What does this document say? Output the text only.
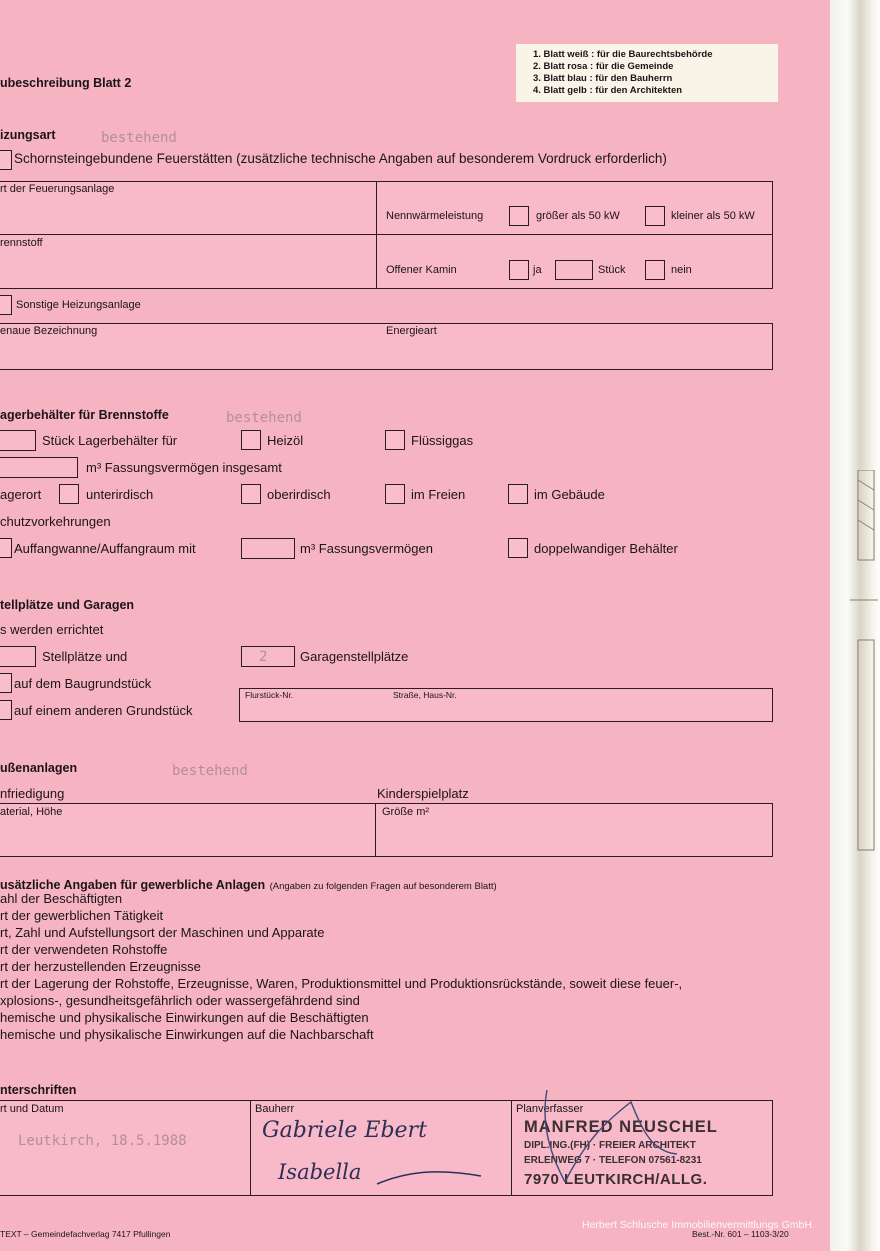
ubeschreibung Blatt 2
1. Blatt weiß : für die Baurechtsbehörde
2. Blatt rosa : für die Gemeinde
3. Blatt blau : für den Bauherrn
4. Blatt gelb : für den Architekten
izungsart	bestehend
Schornsteingebundene Feuerstätten (zusätzliche technische Angaben auf besonderem Vordruck erforderlich)
rt der Feuerungsanlage
Nennwärmeleistung	größer als 50 kW	kleiner als 50 kW
rennstoff
Offener Kamin	ja	Stück	nein
Sonstige Heizungsanlage
enaue Bezeichnung	Energieart
agerbehälter für Brennstoffe	bestehend
Stück Lagerbehälter für	Heizöl	Flüssiggas
m³ Fassungsvermögen insgesamt
agerort	unterirdisch	oberirdisch	im Freien	im Gebäude
chutzvorkehrungen
Auffangwanne/Auffangraum mit	m³ Fassungsvermögen	doppelwandiger Behälter
tellplätze und Garagen
s werden errichtet
Stellplätze und	2	Garagenstellplätze
auf dem Baugrundstück
auf einem anderen Grundstück
Flurstück-Nr.	Straße, Haus-Nr.
ußenanlagen	bestehend
nfriedigung	Kinderspielplatz
aterial, Höhe	Größe m²
usätzliche Angaben für gewerbliche Anlagen (Angaben zu folgenden Fragen auf besonderem Blatt)
ahl der Beschäftigten
rt der gewerblichen Tätigkeit
rt, Zahl und Aufstellungsort der Maschinen und Apparate
rt der verwendeten Rohstoffe
rt der herzustellenden Erzeugnisse
rt der Lagerung der Rohstoffe, Erzeugnisse, Waren, Produktionsmittel und Produktionsrückstände, soweit diese feuer-,
xplosions-, gesundheitsgefährlich oder wassergefährdend sind
hemische und physikalische Einwirkungen auf die Beschäftigten
hemische und physikalische Einwirkungen auf die Nachbarschaft
nterschriften
rt und Datum
Leutkirch, 18.5.1988
Bauherr
Gabriele Ebert
Isabella
Planverfasser
MANFRED NEUSCHEL
DIPL.ING.(FH) · FREIER ARCHITEKT
ERLENWEG 7 · TELEFON 07561-8231
7970 LEUTKIRCH/ALLG.
TEXT – Gemeindefachverlag 7417 Pfullingen	Best.-Nr. 601 – 1103-3/20
Herbert Schlusche Immobilienvermittlungs GmbH
